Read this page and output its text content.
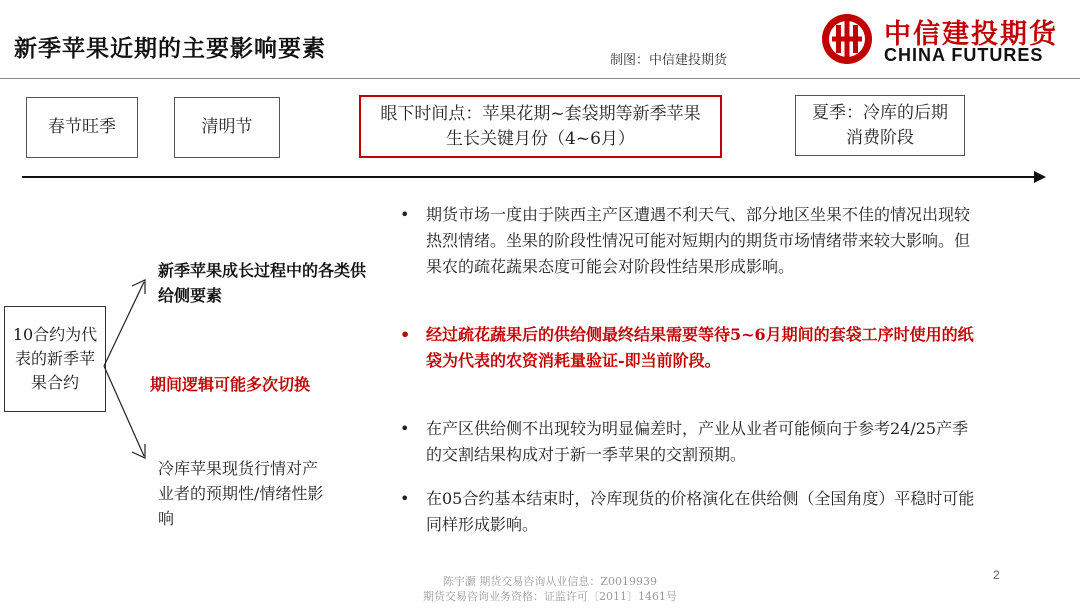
新季苹果近期的主要影响要素	制图：中信建投期货
中信建投期货
CHINA FUTURES
春节旺季	清明节
眼下时间点：苹果花期~套袋期等新季苹果生长关键月份（4~6月）
夏季：冷库的后期消费阶段
10合约为代表的新季苹果合约
新季苹果成长过程中的各类供给侧要素
期间逻辑可能多次切换
冷库苹果现货行情对产业者的预期性/情绪性影响
• 期货市场一度由于陕西主产区遭遇不利天气、部分地区坐果不佳的情况出现较热烈情绪。坐果的阶段性情况可能对短期内的期货市场情绪带来较大影响。但果农的疏花蔬果态度可能会对阶段性结果形成影响。
• 经过疏花蔬果后的供给侧最终结果需要等待5~6月期间的套袋工序时使用的纸袋为代表的农资消耗量验证-即当前阶段。
• 在产区供给侧不出现较为明显偏差时，产业从业者可能倾向于参考24/25产季的交割结果构成对于新一季苹果的交割预期。
• 在05合约基本结束时，冷库现货的价格演化在供给侧（全国角度）平稳时可能同样形成影响。
2
陈宇灏 期货交易咨询从业信息：Z0019939
期货交易咨询业务资格：证监许可〔2011〕1461号
